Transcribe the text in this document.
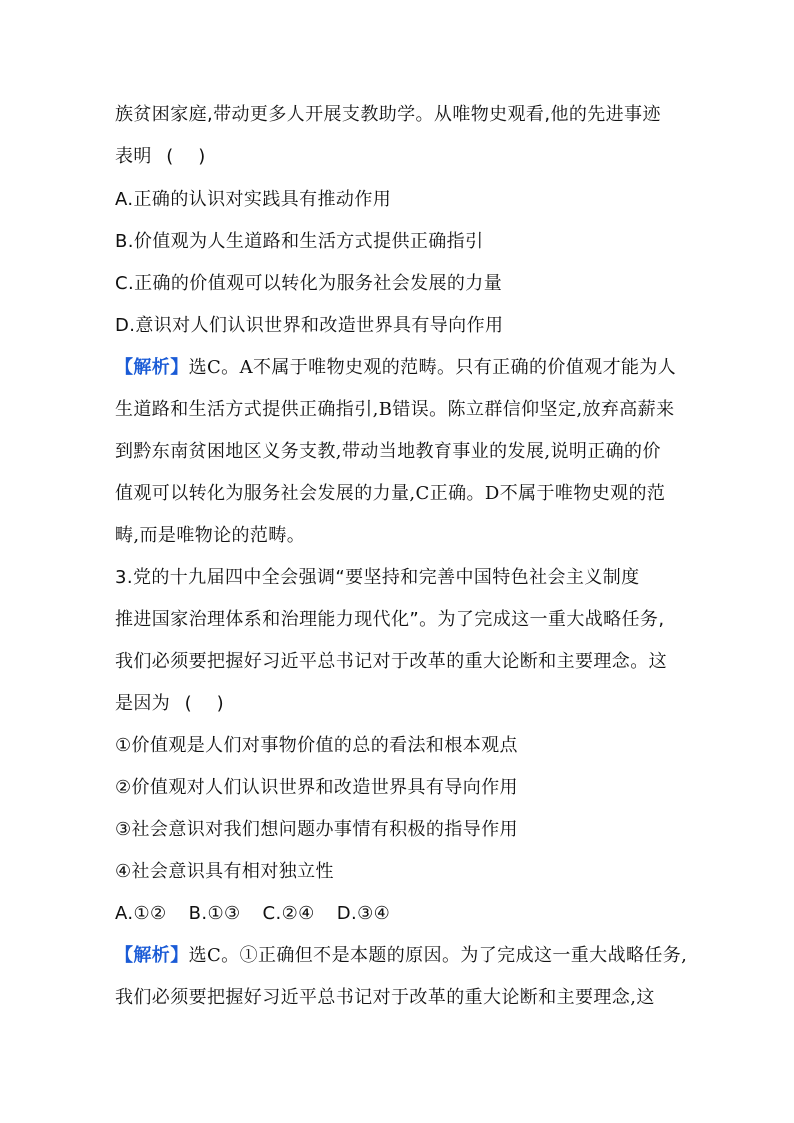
族贫困家庭,带动更多人开展支教助学。从唯物史观看,他的先进事迹

表明 ( )

A.正确的认识对实践具有推动作用

B.价值观为人生道路和生活方式提供正确指引

C.正确的价值观可以转化为服务社会发展的力量

D.意识对人们认识世界和改造世界具有导向作用

【解析】选C。A不属于唯物史观的范畴。只有正确的价值观才能为人

生道路和生活方式提供正确指引,B错误。陈立群信仰坚定,放弃高薪来

到黔东南贫困地区义务支教,带动当地教育事业的发展,说明正确的价

值观可以转化为服务社会发展的力量,C正确。D不属于唯物史观的范

畴,而是唯物论的范畴。

3.党的十九届四中全会强调“要坚持和完善中国特色社会主义制度

推进国家治理体系和治理能力现代化”。为了完成这一重大战略任务,

我们必须要把握好习近平总书记对于改革的重大论断和主要理念。这

是因为 ( )

①价值观是人们对事物价值的总的看法和根本观点

②价值观对人们认识世界和改造世界具有导向作用

③社会意识对我们想问题办事情有积极的指导作用

④社会意识具有相对独立性

A.①② B.①③ C.②④ D.③④

【解析】选C。①正确但不是本题的原因。为了完成这一重大战略任务,

我们必须要把握好习近平总书记对于改革的重大论断和主要理念,这
